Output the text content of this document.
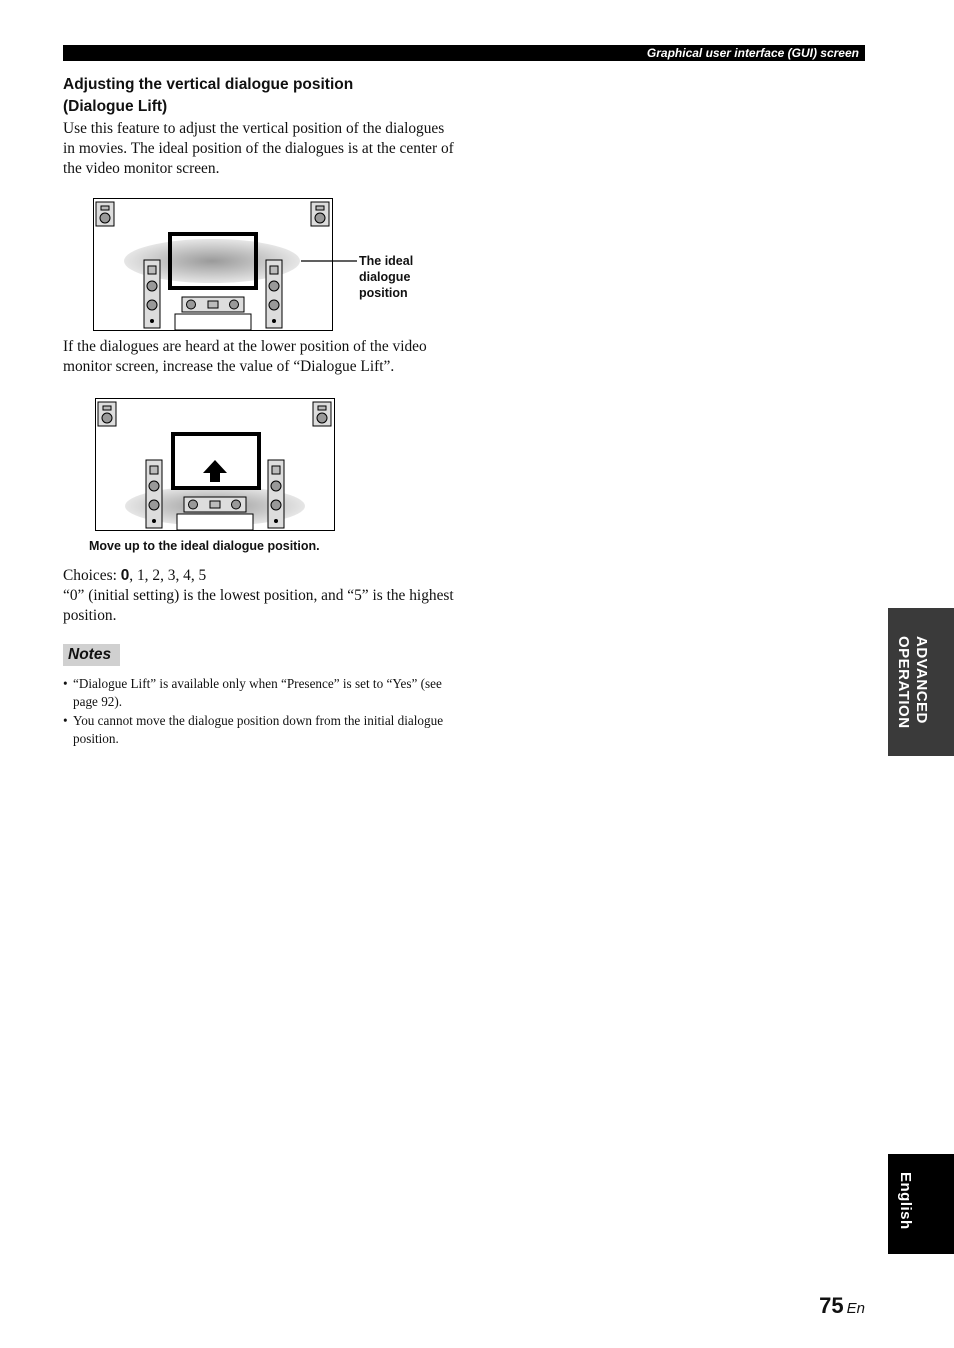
Graphical user interface (GUI) screen
Adjusting the vertical dialogue position
(Dialogue Lift)

Use this feature to adjust the vertical position of the dialogues in movies. The ideal position of the dialogues is at the center of the video monitor screen.

The ideal
dialogue
position

If the dialogues are heard at the lower position of the video monitor screen, increase the value of “Dialogue Lift”.

Move up to the ideal dialogue position.

Choices: 0, 1, 2, 3, 4, 5
“0” (initial setting) is the lowest position, and “5” is the highest position.

Notes
• “Dialogue Lift” is available only when “Presence” is set to “Yes” (see page 92).
• You cannot move the dialogue position down from the initial dialogue position.
ADVANCED
OPERATION
English
75 En
